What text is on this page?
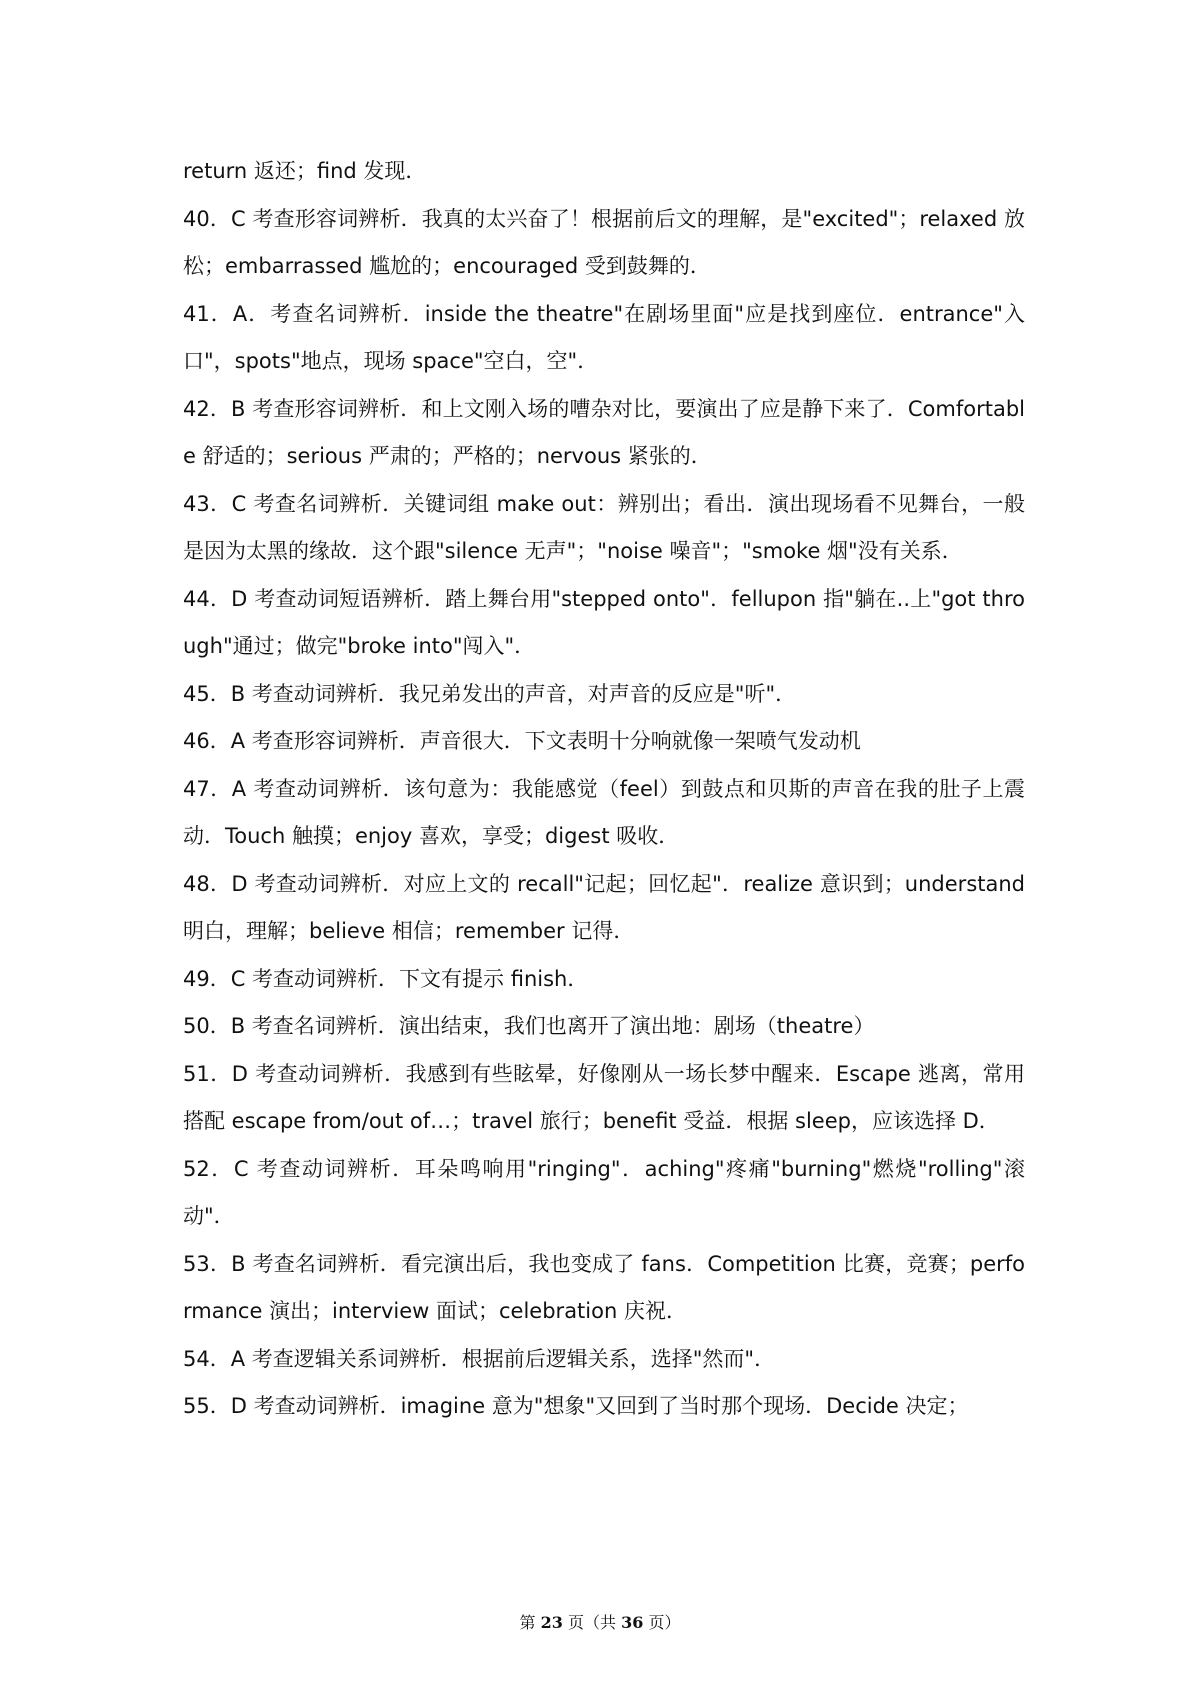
return 返还；find 发现．

40．C 考查形容词辨析．我真的太兴奋了！根据前后文的理解，是"excited"；relaxed 放松；embarrassed 尴尬的；encouraged 受到鼓舞的．

41．A．考查名词辨析．inside the theatre"在剧场里面"应是找到座位．entrance"入口"，spots"地点，现场 space"空白，空"．

42．B 考查形容词辨析．和上文刚入场的嘈杂对比，要演出了应是静下来了．Comfortable 舒适的；serious 严肃的；严格的；nervous 紧张的．

43．C 考查名词辨析．关键词组 make out：辨别出；看出．演出现场看不见舞台，一般是因为太黑的缘故．这个跟"silence 无声"；"noise 噪音"；"smoke 烟"没有关系．

44．D 考查动词短语辨析．踏上舞台用"stepped onto"．fellupon 指"躺在..上"got through"通过；做完"broke into"闯入"．

45．B 考查动词辨析．我兄弟发出的声音，对声音的反应是"听"．

46．A 考查形容词辨析．声音很大．下文表明十分响就像一架喷气发动机

47．A 考查动词辨析．该句意为：我能感觉（feel）到鼓点和贝斯的声音在我的肚子上震动．Touch 触摸；enjoy 喜欢，享受；digest 吸收．

48．D 考查动词辨析．对应上文的 recall"记起；回忆起"．realize 意识到；understand 明白，理解；believe 相信；remember 记得．

49．C 考查动词辨析．下文有提示 finish．

50．B 考查名词辨析．演出结束，我们也离开了演出地：剧场（theatre）

51．D 考查动词辨析．我感到有些眩晕，好像刚从一场长梦中醒来．Escape 逃离，常用搭配 escape from/out of…；travel 旅行；benefit 受益．根据 sleep，应该选择 D．

52．C 考查动词辨析．耳朵鸣响用"ringing"．aching"疼痛"burning"燃烧"rolling"滚动"．

53．B 考查名词辨析．看完演出后，我也变成了 fans．Competition 比赛，竞赛；performance 演出；interview 面试；celebration 庆祝．

54．A 考查逻辑关系词辨析．根据前后逻辑关系，选择"然而"．

55．D 考查动词辨析．imagine 意为"想象"又回到了当时那个现场．Decide 决定；

第 23 页（共 36 页）
